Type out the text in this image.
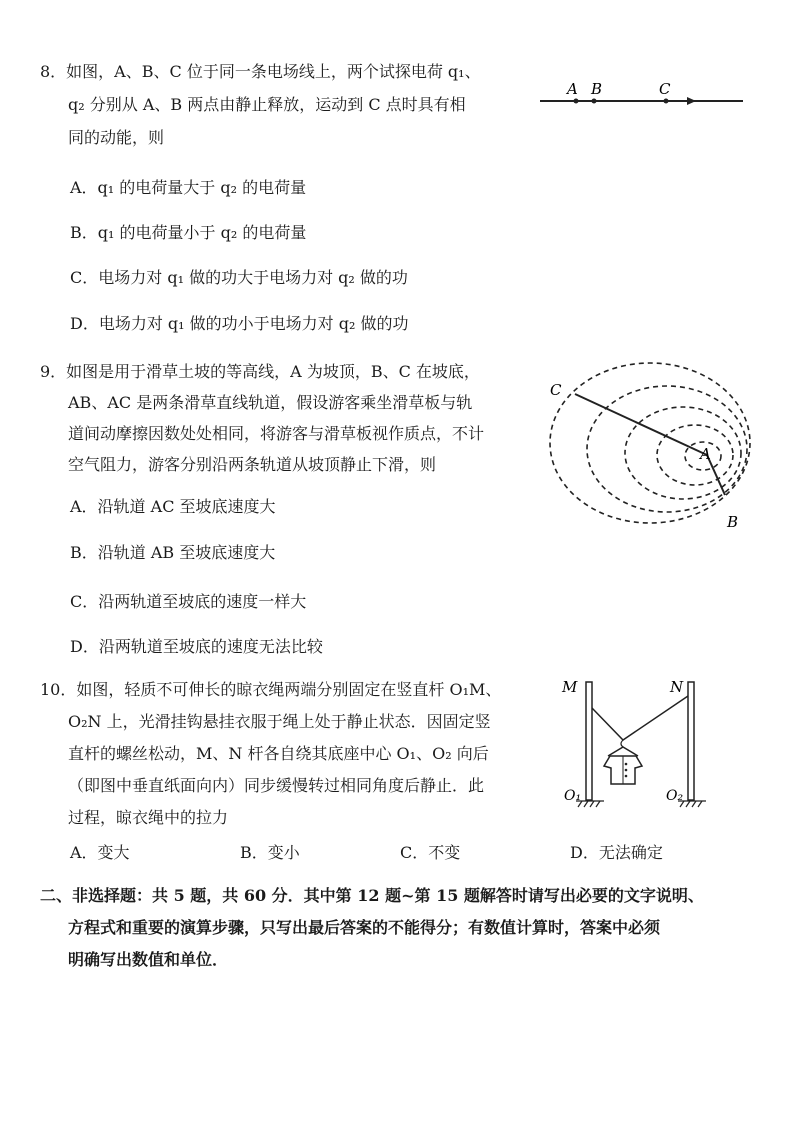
8．如图，A、B、C 位于同一条电场线上，两个试探电荷 q₁、
q₂ 分别从 A、B 两点由静止释放，运动到 C 点时具有相
同的动能，则
A．q₁ 的电荷量大于 q₂ 的电荷量
B．q₁ 的电荷量小于 q₂ 的电荷量
C．电场力对 q₁ 做的功大于电场力对 q₂ 做的功
D．电场力对 q₁ 做的功小于电场力对 q₂ 做的功
A B	C
9．如图是用于滑草土坡的等高线，A 为坡顶，B、C 在坡底，
AB、AC 是两条滑草直线轨道，假设游客乘坐滑草板与轨
道间动摩擦因数处处相同，将游客与滑草板视作质点，不计
空气阻力，游客分别沿两条轨道从坡顶静止下滑，则
A．沿轨道 AC 至坡底速度大
B．沿轨道 AB 至坡底速度大
C．沿两轨道至坡底的速度一样大
D．沿两轨道至坡底的速度无法比较
A
B
C
10．如图，轻质不可伸长的晾衣绳两端分别固定在竖直杆 O₁M、
O₂N 上，光滑挂钩悬挂衣服于绳上处于静止状态．因固定竖
直杆的螺丝松动，M、N 杆各自绕其底座中心 O₁、O₂ 向后
（即图中垂直纸面向内）同步缓慢转过相同角度后静止．此
过程，晾衣绳中的拉力
A．变大	B．变小	C．不变	D．无法确定
M	N
O₁	O₂
二、非选择题：共 5 题，共 60 分．其中第 12 题~第 15 题解答时请写出必要的文字说明、
方程式和重要的演算步骤，只写出最后答案的不能得分；有数值计算时，答案中必须
明确写出数值和单位．
